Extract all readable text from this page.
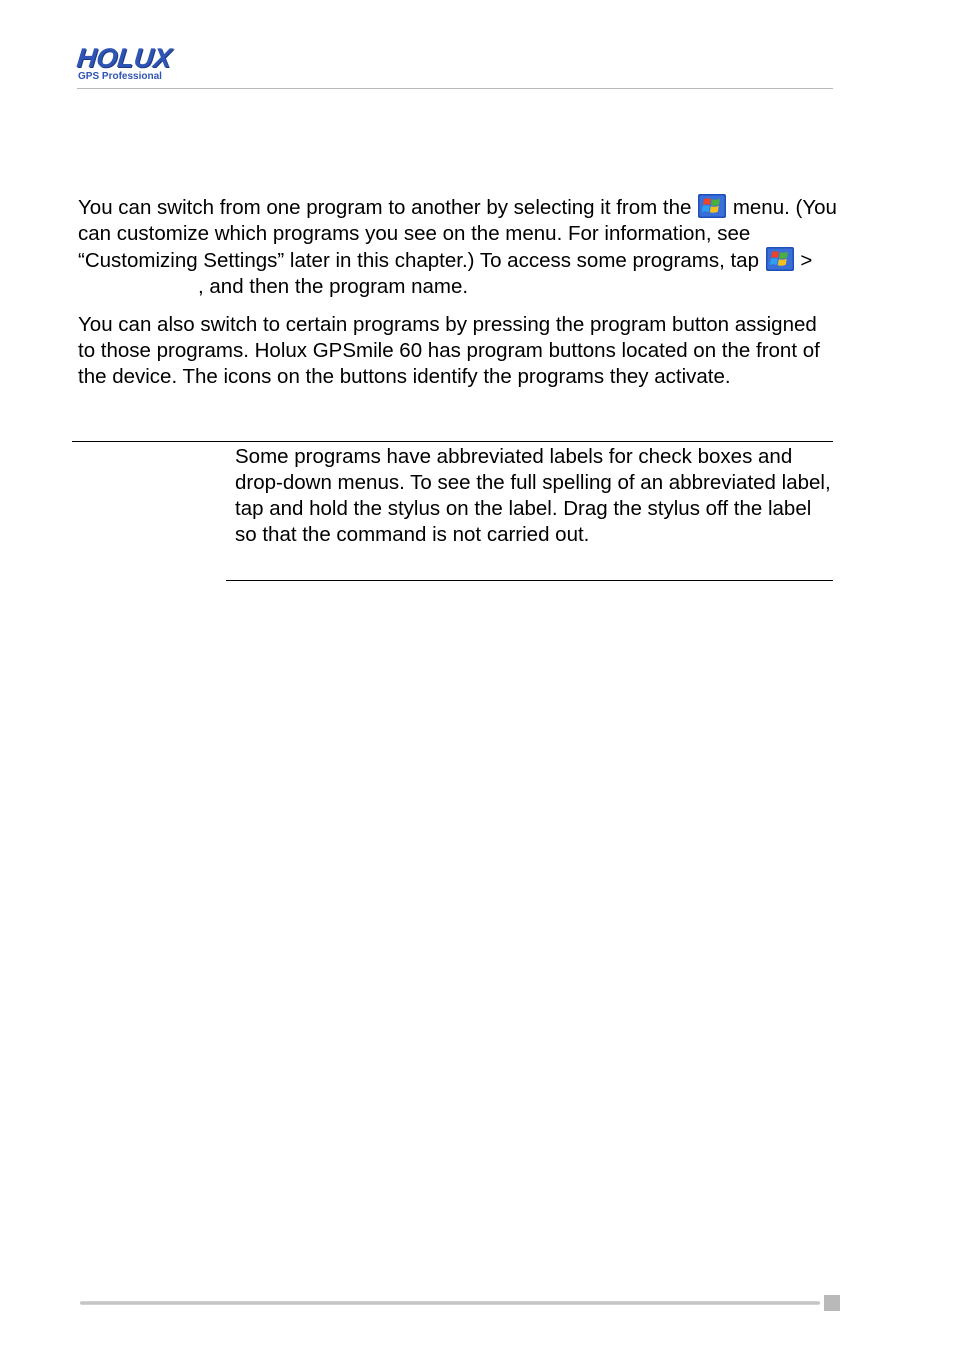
HOLUX
GPS Professional

You can switch from one program to another by selecting it from the menu. (You can customize which programs you see on the menu. For information, see “Customizing Settings” later in this chapter.) To access some programs, tap >, and then the program name.

You can also switch to certain programs by pressing the program button assigned to those programs. Holux GPSmile 60 has program buttons located on the front of the device. The icons on the buttons identify the programs they activate.

Some programs have abbreviated labels for check boxes and drop-down menus. To see the full spelling of an abbreviated label, tap and hold the stylus on the label. Drag the stylus off the label so that the command is not carried out.
